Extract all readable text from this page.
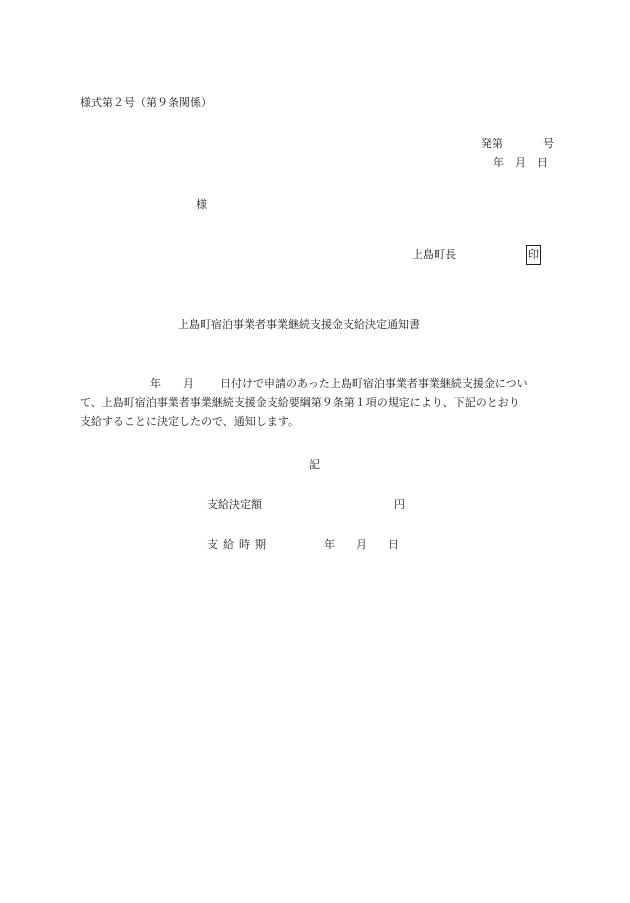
様式第２号（第９条関係）
発第	号
年 月 日
様
上島町長	印
上島町宿泊事業者事業継続支援金支給決定通知書
年 月 日付けで申請のあった上島町宿泊事業者事業継続支援金につい
て、上島町宿泊事業者事業継続支援金支給要綱第９条第１項の規定により、下記のとおり
支給することに決定したので、通知します。
記
支給決定額	円
支給時期	年 月 日
